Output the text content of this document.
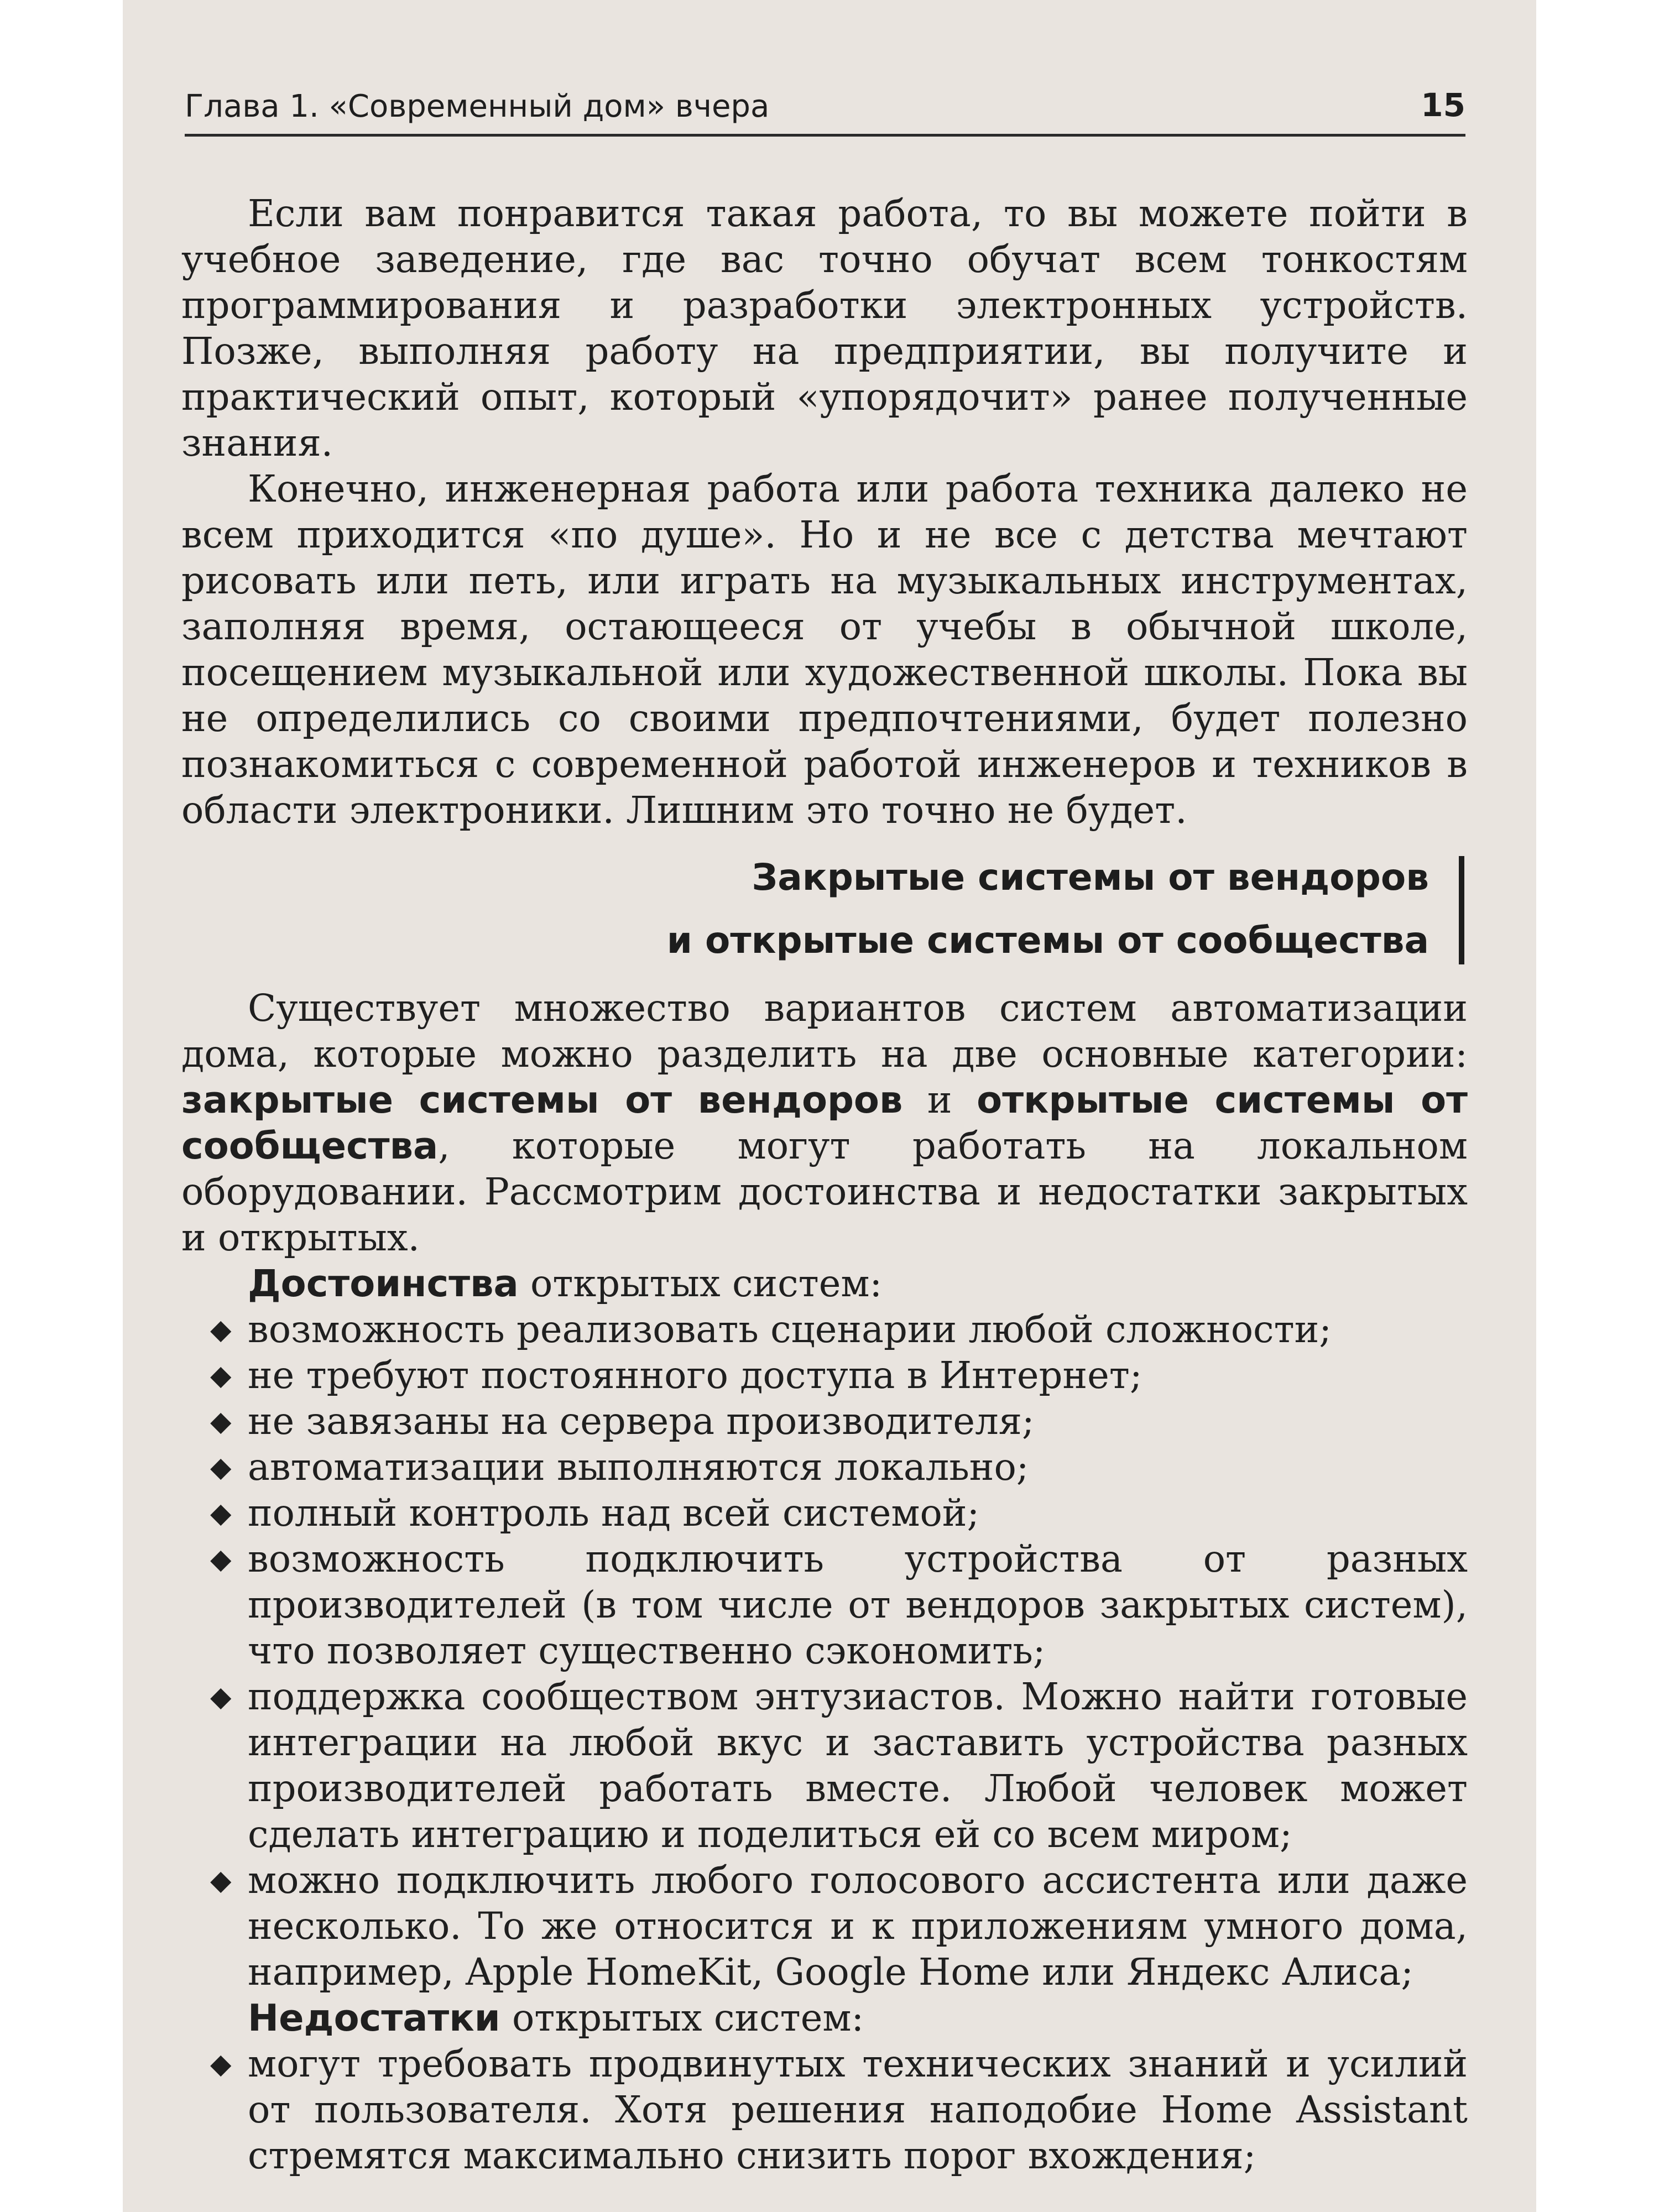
Глава 1. «Современный дом» вчера	15

Если вам понравится такая работа, то вы можете пойти в учебное заведение, где вас точно обучат всем тонкостям программирования и разработки электронных устройств. Позже, выполняя работу на предприятии, вы получите и практический опыт, который «упорядочит» ранее полученные знания.

Конечно, инженерная работа или работа техника далеко не всем приходится «по душе». Но и не все с детства мечтают рисовать или петь, или играть на музыкальных инструментах, заполняя время, остающееся от учебы в обычной школе, посещением музыкальной или художественной школы. Пока вы не определились со своими предпочтениями, будет полезно познакомиться с современной работой инженеров и техников в области электроники. Лишним это точно не будет.

Закрытые системы от вендоров
и открытые системы от сообщества

Существует множество вариантов систем автоматизации дома, которые можно разделить на две основные категории: закрытые системы от вендоров и открытые системы от сообщества, которые могут работать на локальном оборудовании. Рассмотрим достоинства и недостатки закрытых и открытых.

Достоинства открытых систем:

◆ возможность реализовать сценарии любой сложности;
◆ не требуют постоянного доступа в Интернет;
◆ не завязаны на сервера производителя;
◆ автоматизации выполняются локально;
◆ полный контроль над всей системой;
◆ возможность подключить устройства от разных производителей (в том числе от вендоров закрытых систем), что позволяет существенно сэкономить;
◆ поддержка сообществом энтузиастов. Можно найти готовые интеграции на любой вкус и заставить устройства разных производителей работать вместе. Любой человек может сделать интеграцию и поделиться ей со всем миром;
◆ можно подключить любого голосового ассистента или даже несколько. То же относится и к приложениям умного дома, например, Apple HomeKit, Google Home или Яндекс Алиса;

Недостатки открытых систем:

◆ могут требовать продвинутых технических знаний и усилий от пользователя. Хотя решения наподобие Home Assistant стремятся максимально снизить порог вхождения;
